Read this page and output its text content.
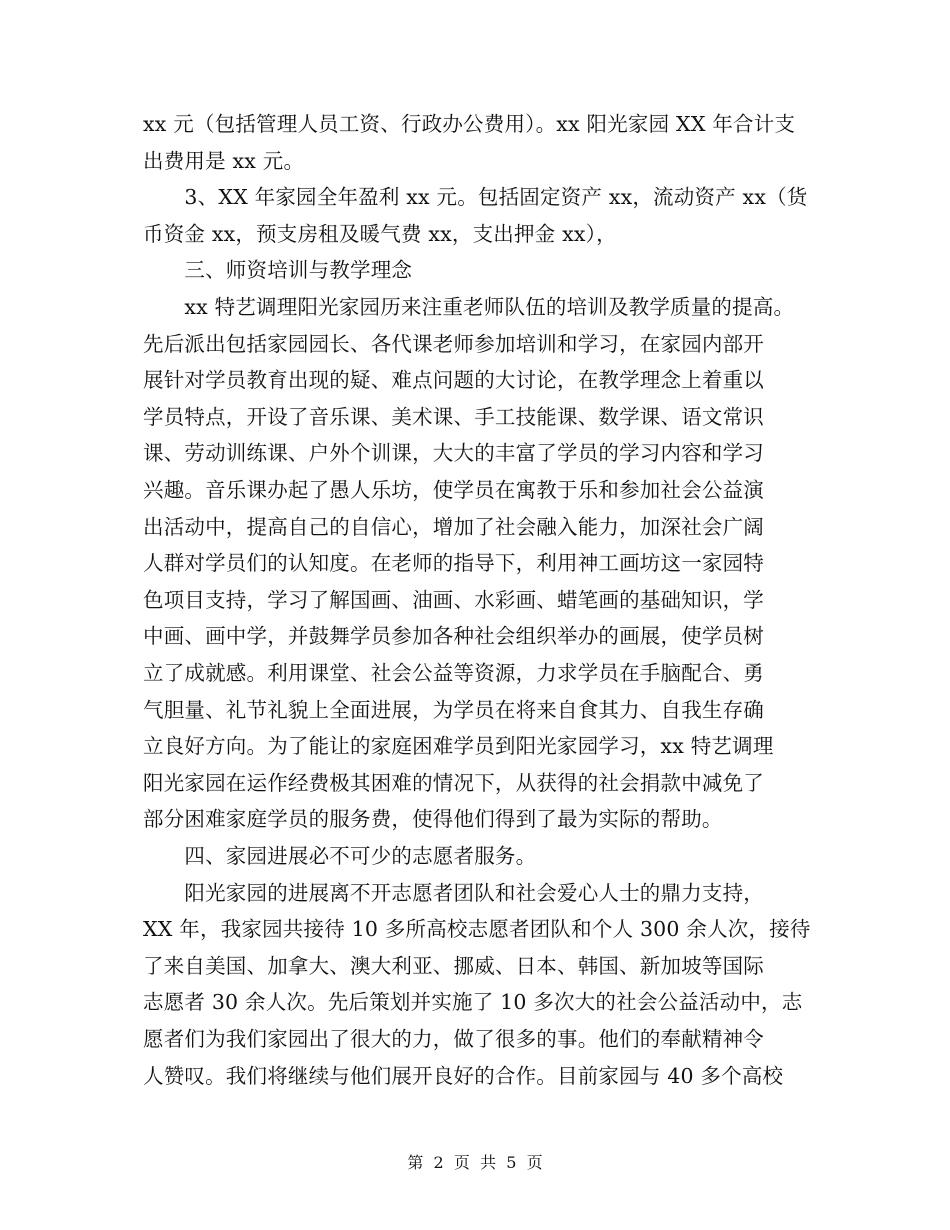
xx 元（包括管理人员工资、行政办公费用）。xx 阳光家园 XX 年合计支
出费用是 xx 元。
　　3、XX 年家园全年盈利 xx 元。包括固定资产 xx，流动资产 xx（货
币资金 xx，预支房租及暖气费 xx，支出押金 xx），
　　三、师资培训与教学理念
　　xx 特艺调理阳光家园历来注重老师队伍的培训及教学质量的提高。
先后派出包括家园园长、各代课老师参加培训和学习，在家园内部开
展针对学员教育出现的疑、难点问题的大讨论，在教学理念上着重以
学员特点，开设了音乐课、美术课、手工技能课、数学课、语文常识
课、劳动训练课、户外个训课，大大的丰富了学员的学习内容和学习
兴趣。音乐课办起了愚人乐坊，使学员在寓教于乐和参加社会公益演
出活动中，提高自己的自信心，增加了社会融入能力，加深社会广阔
人群对学员们的认知度。在老师的指导下，利用神工画坊这一家园特
色项目支持，学习了解国画、油画、水彩画、蜡笔画的基础知识，学
中画、画中学，并鼓舞学员参加各种社会组织举办的画展，使学员树
立了成就感。利用课堂、社会公益等资源，力求学员在手脑配合、勇
气胆量、礼节礼貌上全面进展，为学员在将来自食其力、自我生存确
立良好方向。为了能让的家庭困难学员到阳光家园学习，xx 特艺调理
阳光家园在运作经费极其困难的情况下，从获得的社会捐款中减免了
部分困难家庭学员的服务费，使得他们得到了最为实际的帮助。
　　四、家园进展必不可少的志愿者服务。
　　阳光家园的进展离不开志愿者团队和社会爱心人士的鼎力支持，
XX 年，我家园共接待 10 多所高校志愿者团队和个人 300 余人次，接待
了来自美国、加拿大、澳大利亚、挪威、日本、韩国、新加坡等国际
志愿者 30 余人次。先后策划并实施了 10 多次大的社会公益活动中，志
愿者们为我们家园出了很大的力，做了很多的事。他们的奉献精神令
人赞叹。我们将继续与他们展开良好的合作。目前家园与 40 多个高校
第  2  页  共  5  页
